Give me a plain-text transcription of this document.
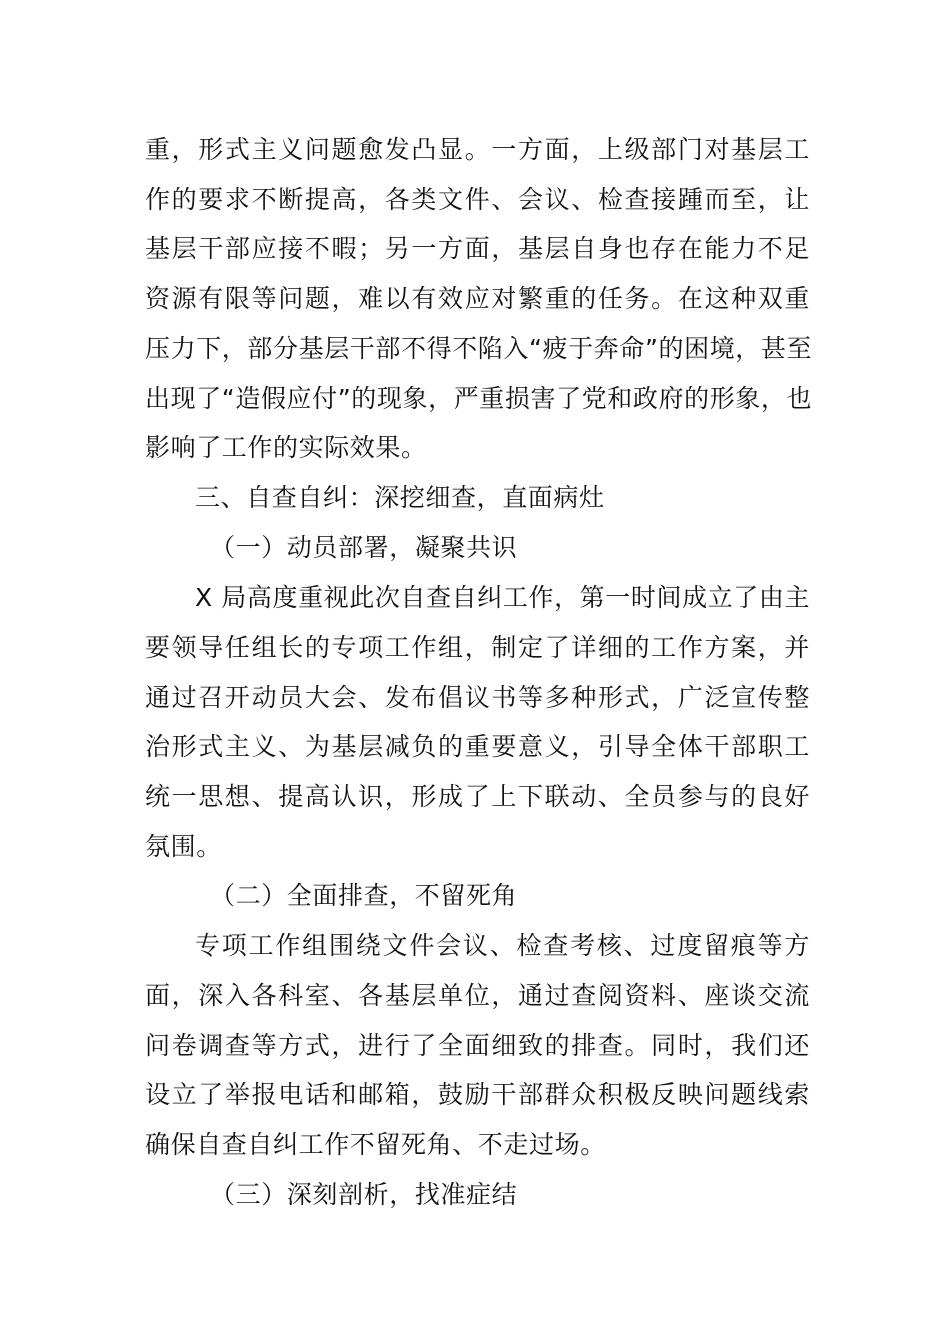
重，形式主义问题愈发凸显。一方面，上级部门对基层工
作的要求不断提高，各类文件、会议、检查接踵而至，让
基层干部应接不暇；另一方面，基层自身也存在能力不足
资源有限等问题，难以有效应对繁重的任务。在这种双重
压力下，部分基层干部不得不陷入“疲于奔命”的困境，甚至
出现了“造假应付”的现象，严重损害了党和政府的形象，也
影响了工作的实际效果。
三、自查自纠：深挖细查，直面病灶
（一）动员部署，凝聚共识
X 局高度重视此次自查自纠工作，第一时间成立了由主
要领导任组长的专项工作组，制定了详细的工作方案，并
通过召开动员大会、发布倡议书等多种形式，广泛宣传整
治形式主义、为基层减负的重要意义，引导全体干部职工
统一思想、提高认识，形成了上下联动、全员参与的良好
氛围。
（二）全面排查，不留死角
专项工作组围绕文件会议、检查考核、过度留痕等方
面，深入各科室、各基层单位，通过查阅资料、座谈交流
问卷调查等方式，进行了全面细致的排查。同时，我们还
设立了举报电话和邮箱，鼓励干部群众积极反映问题线索
确保自查自纠工作不留死角、不走过场。
（三）深刻剖析，找准症结
